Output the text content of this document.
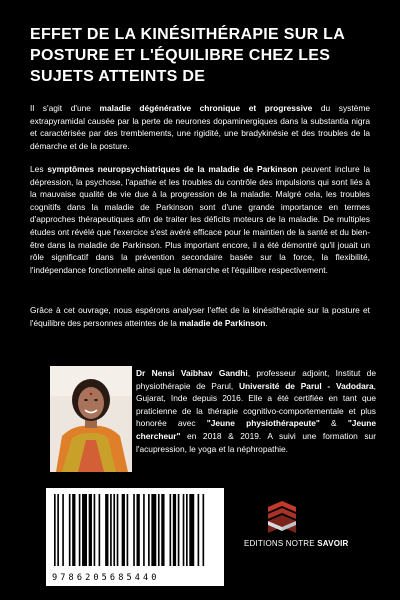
EFFET DE LA KINÉSITHÉRAPIE SUR LA POSTURE ET L'ÉQUILIBRE CHEZ LES SUJETS ATTEINTS DE

Il s'agit d'une maladie dégénérative chronique et progressive du système extrapyramidal causée par la perte de neurones dopaminergiques dans la substantia nigra et caractérisée par des tremblements, une rigidité, une bradykinésie et des troubles de la démarche et de la posture.

Les symptômes neuropsychiatriques de la maladie de Parkinson peuvent inclure la dépression, la psychose, l'apathie et les troubles du contrôle des impulsions qui sont liés à la mauvaise qualité de vie due à la progression de la maladie. Malgré cela, les troubles cognitifs dans la maladie de Parkinson sont d'une grande importance en termes d'approches thérapeutiques afin de traiter les déficits moteurs de la maladie. De multiples études ont révélé que l'exercice s'est avéré efficace pour le maintien de la santé et du bien-être dans la maladie de Parkinson. Plus important encore, il a été démontré qu'il jouait un rôle significatif dans la prévention secondaire basée sur la force, la flexibilité, l'indépendance fonctionnelle ainsi que la démarche et l'équilibre respectivement.

Grâce à cet ouvrage, nous espérons analyser l'effet de la kinésithérapie sur la posture et l'équilibre des personnes atteintes de la maladie de Parkinson.

Dr Nensi Vaibhav Gandhi, professeur adjoint, Institut de physiothérapie de Parul, Université de Parul - Vadodara, Gujarat, Inde depuis 2016. Elle a été certifiée en tant que praticienne de la thérapie cognitivo-comportementale et plus honorée avec "Jeune physiothérapeute" & "Jeune chercheur" en 2018 & 2019. A suivi une formation sur l'acupression, le yoga et la néphropathie.

9786205685440
EDITIONS NOTRE SAVOIR
